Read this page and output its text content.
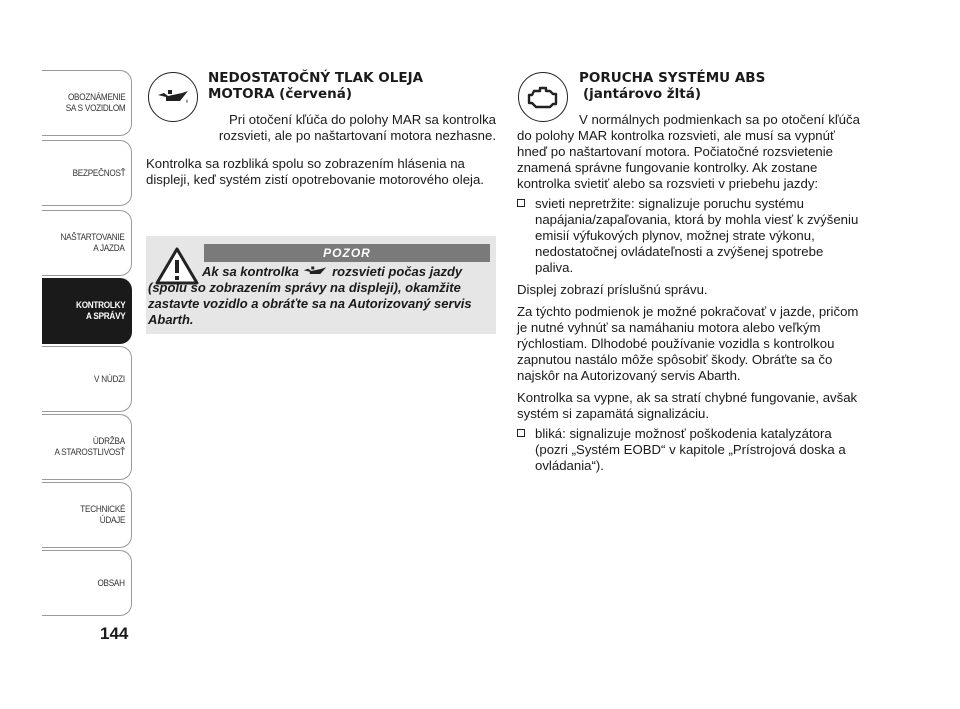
OBOZNÁMENIE
SA S VOZIDLOM
BEZPEČNOSŤ
NAŠTARTOVANIE
A JAZDA
KONTROLKY
A SPRÁVY
V NÚDZI
ÚDRŽBA
A STAROSTLIVOSŤ
TECHNICKÉ
ÚDAJE
OBSAH
144
NEDOSTATOČNÝ TLAK OLEJA
MOTORA (červená)

Pri otočení kľúča do polohy MAR sa kontrolka rozsvieti, ale po naštartovaní motora nezhasne.

Kontrolka sa rozbliká spolu so zobrazením hlásenia na displeji, keď systém zistí opotrebovanie motorového oleja.

POZOR
Ak sa kontrolka	rozsvieti počas jazdy (spolu so zobrazením správy na displeji), okamžite zastavte vozidlo a obráťte sa na Autorizovaný servis Abarth.
PORUCHA SYSTÉMU ABS
(jantárovo žltá)

V normálnych podmienkach sa po otočení kľúča do polohy MAR kontrolka rozsvieti, ale musí sa vypnúť hneď po naštartovaní motora. Počiatočné rozsvietenie znamená správne fungovanie kontrolky. Ak zostane kontrolka svietiť alebo sa rozsvieti v priebehu jazdy:

svieti nepretržite: signalizuje poruchu systému napájania/zapaľovania, ktorá by mohla viesť k zvýšeniu emisií výfukových plynov, možnej strate výkonu, nedostatočnej ovládateľnosti a zvýšenej spotrebe paliva.

Displej zobrazí príslušnú správu.

Za týchto podmienok je možné pokračovať v jazde, pričom je nutné vyhnúť sa namáhaniu motora alebo veľkým rýchlostiam. Dlhodobé používanie vozidla s kontrolkou zapnutou nastálo môže spôsobiť škody. Obráťte sa čo najskôr na Autorizovaný servis Abarth.

Kontrolka sa vypne, ak sa stratí chybné fungovanie, avšak systém si zapamätá signalizáciu.

bliká: signalizuje možnosť poškodenia katalyzátora (pozri „Systém EOBD“ v kapitole „Prístrojová doska a ovládania“).
